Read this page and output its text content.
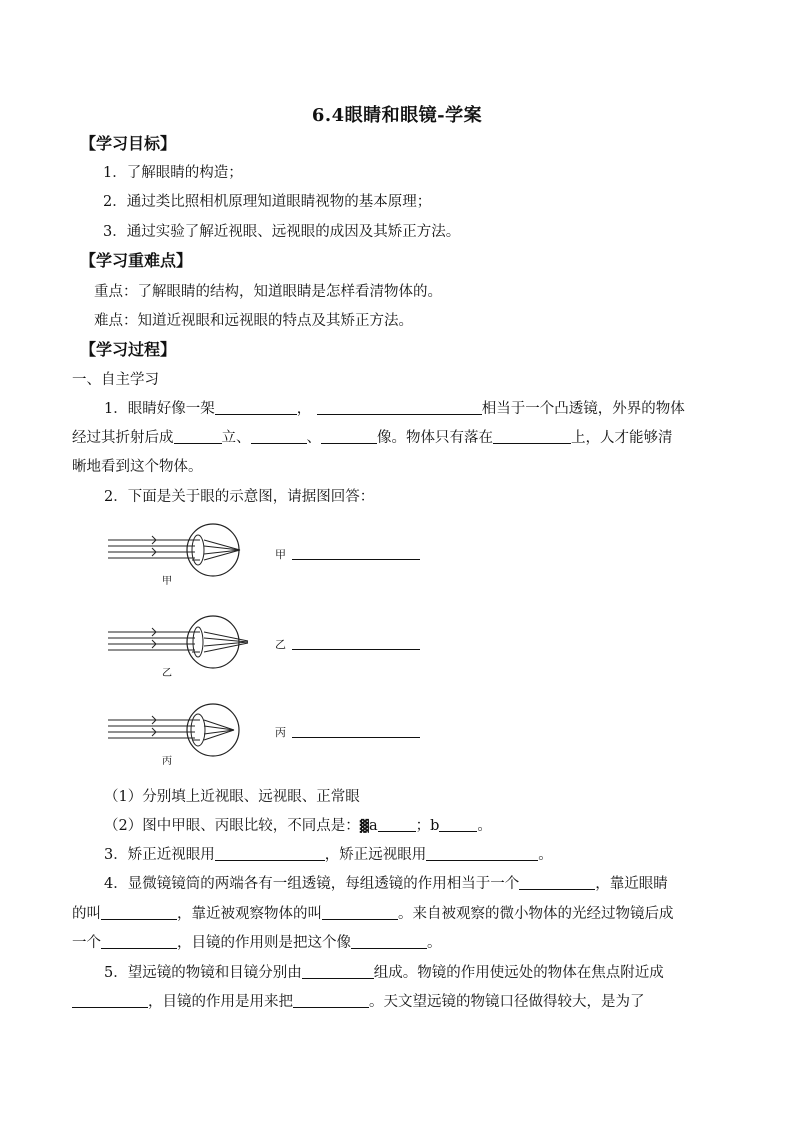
6.4眼睛和眼镜-学案
【学习目标】
1．了解眼睛的构造；
2．通过类比照相机原理知道眼睛视物的基本原理；
3．通过实验了解近视眼、远视眼的成因及其矫正方法。
【学习重难点】
重点：了解眼睛的结构，知道眼睛是怎样看清物体的。
难点：知道近视眼和远视眼的特点及其矫正方法。
【学习过程】
一、自主学习
1．眼睛好像一架	，	相当于一个凸透镜，外界的物体
经过其折射后成	立、	、	像。物体只有落在	上，人才能够清
晰地看到这个物体。
2．下面是关于眼的示意图，请据图回答：
甲
乙
丙
甲
乙
丙
（1）分别填上近视眼、远视眼、正常眼
（2）图中甲眼、丙眼比较，不同点是：▓a	；b	。
3．矫正近视眼用	，矫正远视眼用	。
4．显微镜镜筒的两端各有一组透镜，每组透镜的作用相当于一个	，靠近眼睛
的叫	，靠近被观察物体的叫	。来自被观察的微小物体的光经过物镜后成
一个	，目镜的作用则是把这个像	。
5．望远镜的物镜和目镜分别由	组成。物镜的作用使远处的物体在焦点附近成
，目镜的作用是用来把	。天文望远镜的物镜口径做得较大，是为了
